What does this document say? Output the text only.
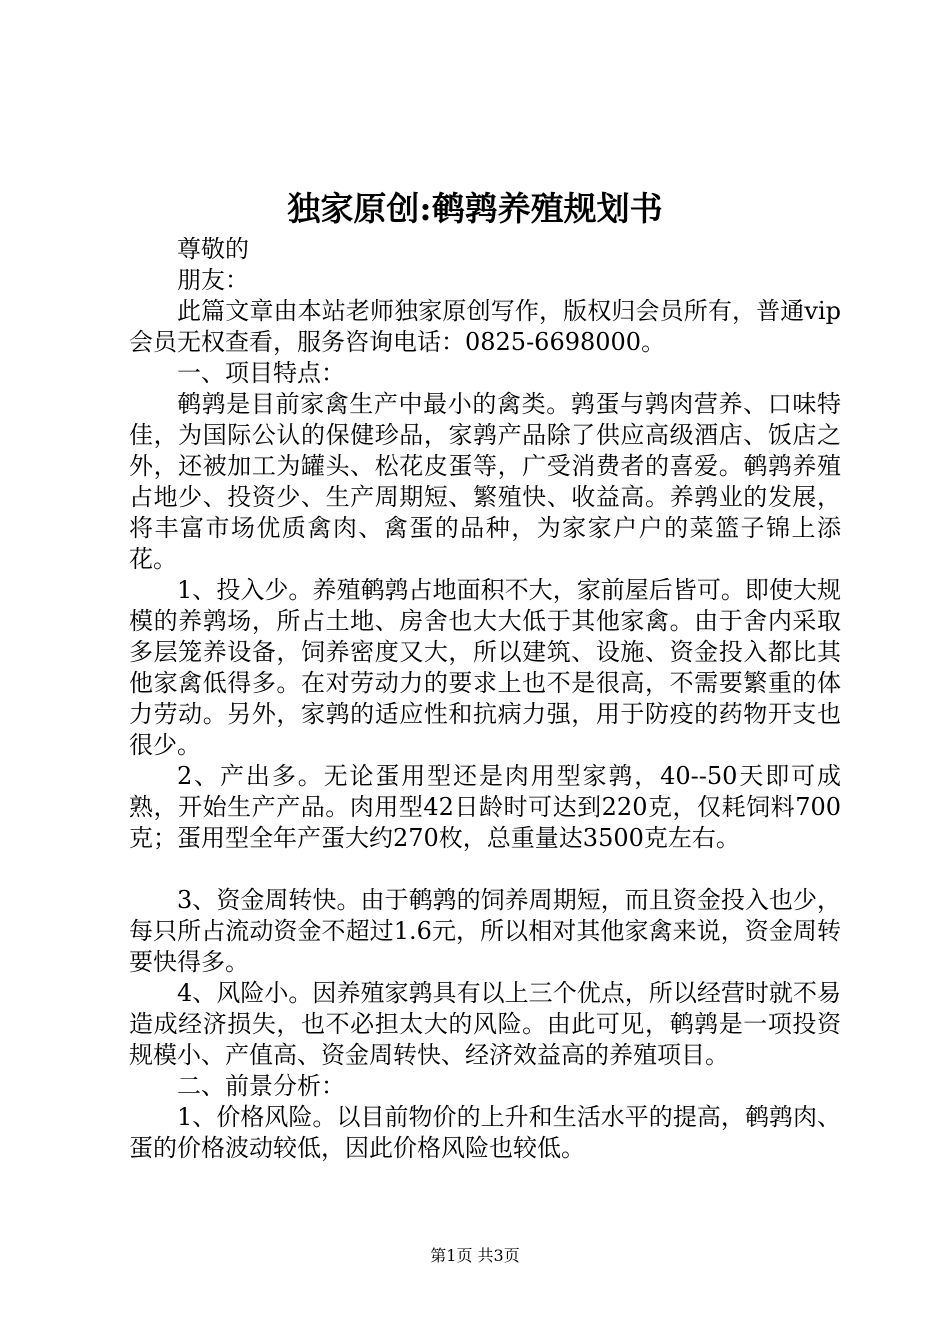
独家原创:鹌鹑养殖规划书

尊敬的

朋友：

此篇文章由本站老师独家原创写作，版权归会员所有，普通vip会员无权查看，服务咨询电话：0825-6698000。

一、项目特点：

鹌鹑是目前家禽生产中最小的禽类。鹑蛋与鹑肉营养、口味特佳，为国际公认的保健珍品，家鹑产品除了供应高级酒店、饭店之外，还被加工为罐头、松花皮蛋等，广受消费者的喜爱。鹌鹑养殖占地少、投资少、生产周期短、繁殖快、收益高。养鹑业的发展，将丰富市场优质禽肉、禽蛋的品种，为家家户户的菜篮子锦上添花。

1、投入少。养殖鹌鹑占地面积不大，家前屋后皆可。即使大规模的养鹑场，所占土地、房舍也大大低于其他家禽。由于舍内采取多层笼养设备，饲养密度又大，所以建筑、设施、资金投入都比其他家禽低得多。在对劳动力的要求上也不是很高，不需要繁重的体力劳动。另外，家鹑的适应性和抗病力强，用于防疫的药物开支也很少。

2、产出多。无论蛋用型还是肉用型家鹑，40--50天即可成熟，开始生产产品。肉用型42日龄时可达到220克，仅耗饲料700克；蛋用型全年产蛋大约270枚，总重量达3500克左右。

3、资金周转快。由于鹌鹑的饲养周期短，而且资金投入也少，每只所占流动资金不超过1.6元，所以相对其他家禽来说，资金周转要快得多。

4、风险小。因养殖家鹑具有以上三个优点，所以经营时就不易造成经济损失，也不必担太大的风险。由此可见，鹌鹑是一项投资规模小、产值高、资金周转快、经济效益高的养殖项目。

二、前景分析：

1、价格风险。以目前物价的上升和生活水平的提高，鹌鹑肉、蛋的价格波动较低，因此价格风险也较低。

第1页 共3页
